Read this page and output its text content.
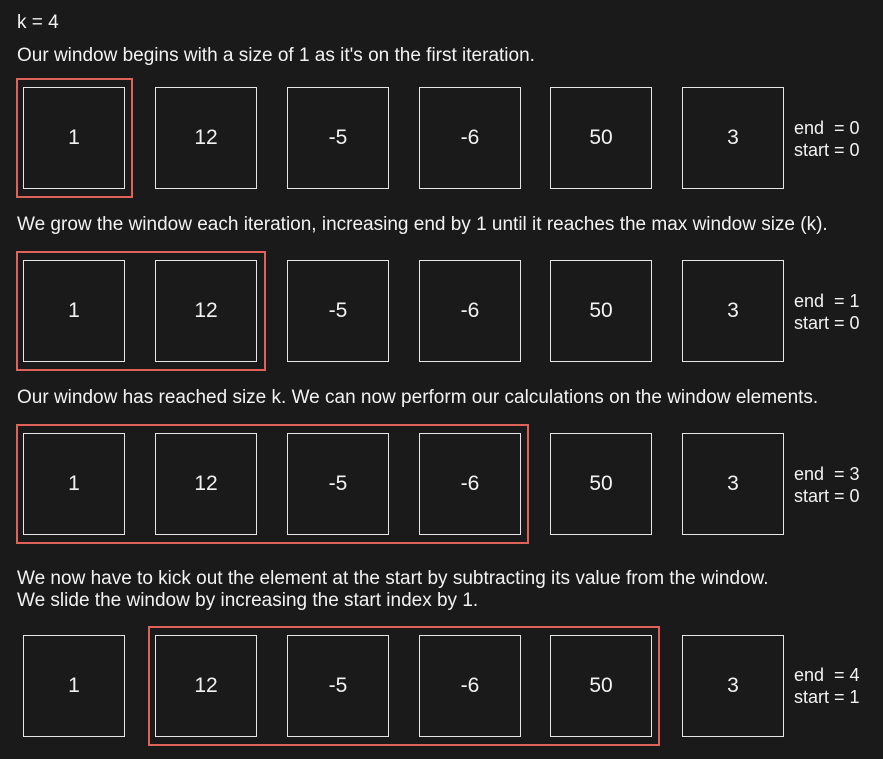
k = 4
Our window begins with a size of 1 as it's on the first iteration.
1	12	-5	-6	50	3	end  = 0
start = 0
We grow the window each iteration, increasing end by 1 until it reaches the max window size (k).
1	12	-5	-6	50	3	end  = 1
start = 0
Our window has reached size k. We can now perform our calculations on the window elements.
1	12	-5	-6	50	3	end  = 3
start = 0
We now have to kick out the element at the start by subtracting its value from the window.
We slide the window by increasing the start index by 1.
1	12	-5	-6	50	3	end  = 4
start = 1
